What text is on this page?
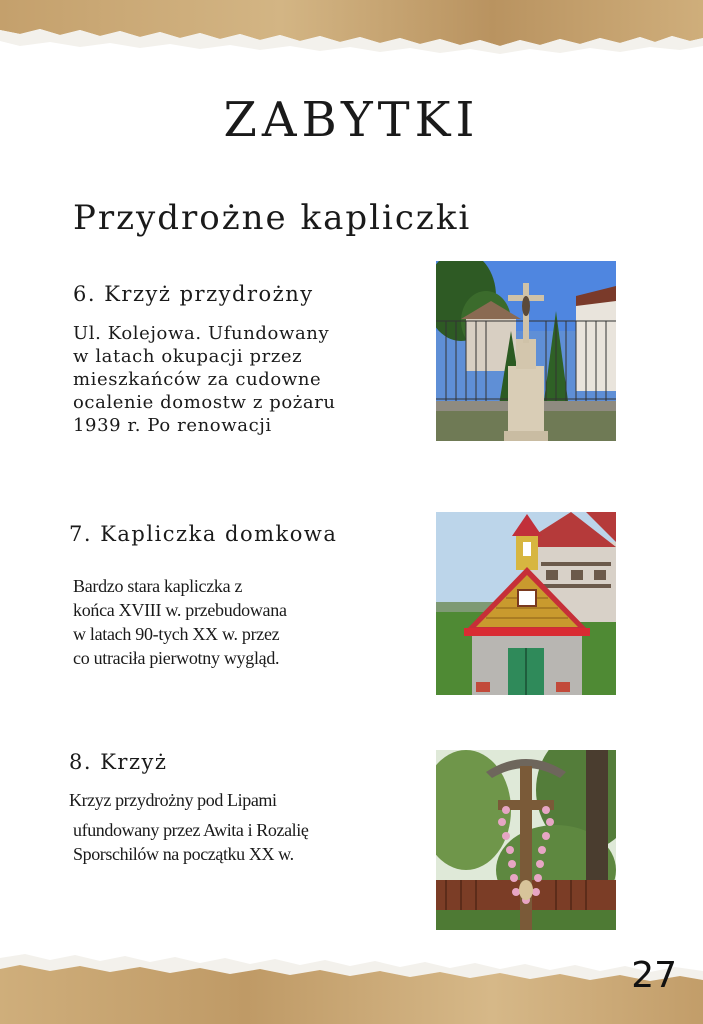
ZABYTKI
Przydrożne kapliczki
6. Krzyż przydrożny

Ul. Kolejowa. Ufundowany
w latach okupacji przez
mieszkańców za cudowne
ocalenie domostw z pożaru
1939 r. Po renowacji

7. Kapliczka domkowa

Bardzo stara kapliczka z
końca XVIII w. przebudowana
w latach 90-tych XX w. przez
co utraciła pierwotny wygląd.

8. Krzyż

Krzyz przydrożny pod Lipami

ufundowany przez Awita i Rozalię
Sporschilów na początku XX w.

27
